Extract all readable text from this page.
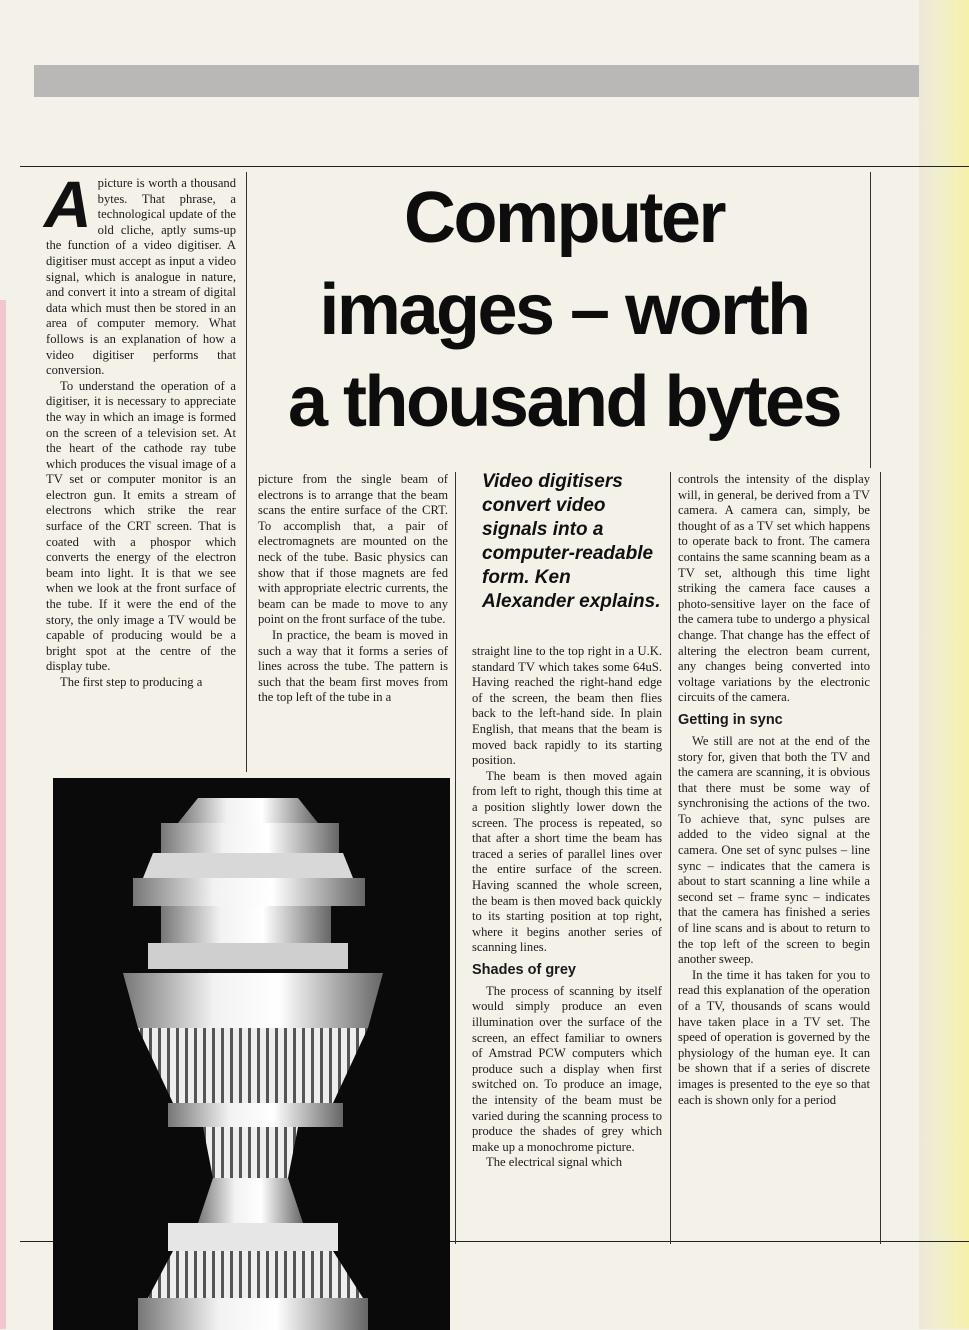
Computer
images – worth
a thousand bytes

Apicture is worth a thousand bytes. That phrase, a technological update of the old cliche, aptly sums-up the function of a video digitiser. A digitiser must accept as input a video signal, which is analogue in nature, and convert it into a stream of digital data which must then be stored in an area of computer memory. What follows is an explanation of how a video digitiser performs that conversion.

To understand the operation of a digitiser, it is necessary to appreciate the way in which an image is formed on the screen of a television set. At the heart of the cathode ray tube which produces the visual image of a TV set or computer monitor is an electron gun. It emits a stream of electrons which strike the rear surface of the CRT screen. That is coated with a phospor which converts the energy of the electron beam into light. It is that we see when we look at the front surface of the tube. If it were the end of the story, the only image a TV would be capable of producing would be a bright spot at the centre of the display tube.

The first step to producing a

picture from the single beam of electrons is to arrange that the beam scans the entire surface of the CRT. To accomplish that, a pair of electromagnets are mounted on the neck of the tube. Basic physics can show that if those magnets are fed with appropriate electric currents, the beam can be made to move to any point on the front surface of the tube.

In practice, the beam is moved in such a way that it forms a series of lines across the tube. The pattern is such that the beam first moves from the top left of the tube in a

Video digitisers convert video signals into a computer-readable form. Ken Alexander explains.

straight line to the top right in a U.K. standard TV which takes some 64uS. Having reached the right-hand edge of the screen, the beam then flies back to the left-hand side. In plain English, that means that the beam is moved back rapidly to its starting position.

The beam is then moved again from left to right, though this time at a position slightly lower down the screen. The process is repeated, so that after a short time the beam has traced a series of parallel lines over the entire surface of the screen. Having scanned the whole screen, the beam is then moved back quickly to its starting position at top right, where it begins another series of scanning lines.

Shades of grey

The process of scanning by itself would simply produce an even illumination over the surface of the screen, an effect familiar to owners of Amstrad PCW computers which produce such a display when first switched on. To produce an image, the intensity of the beam must be varied during the scanning process to produce the shades of grey which make up a monochrome picture.

The electrical signal which

controls the intensity of the display will, in general, be derived from a TV camera. A camera can, simply, be thought of as a TV set which happens to operate back to front. The camera contains the same scanning beam as a TV set, although this time light striking the camera face causes a photo-sensitive layer on the face of the camera tube to undergo a physical change. That change has the effect of altering the electron beam current, any changes being converted into voltage variations by the electronic circuits of the camera.

Getting in sync

We still are not at the end of the story for, given that both the TV and the camera are scanning, it is obvious that there must be some way of synchronising the actions of the two. To achieve that, sync pulses are added to the video signal at the camera. One set of sync pulses – line sync – indicates that the camera is about to start scanning a line while a second set – frame sync – indicates that the camera has finished a series of line scans and is about to return to the top left of the screen to begin another sweep.

In the time it has taken for you to read this explanation of the operation of a TV, thousands of scans would have taken place in a TV set. The speed of operation is governed by the physiology of the human eye. It can be shown that if a series of discrete images is presented to the eye so that each is shown only for a period
